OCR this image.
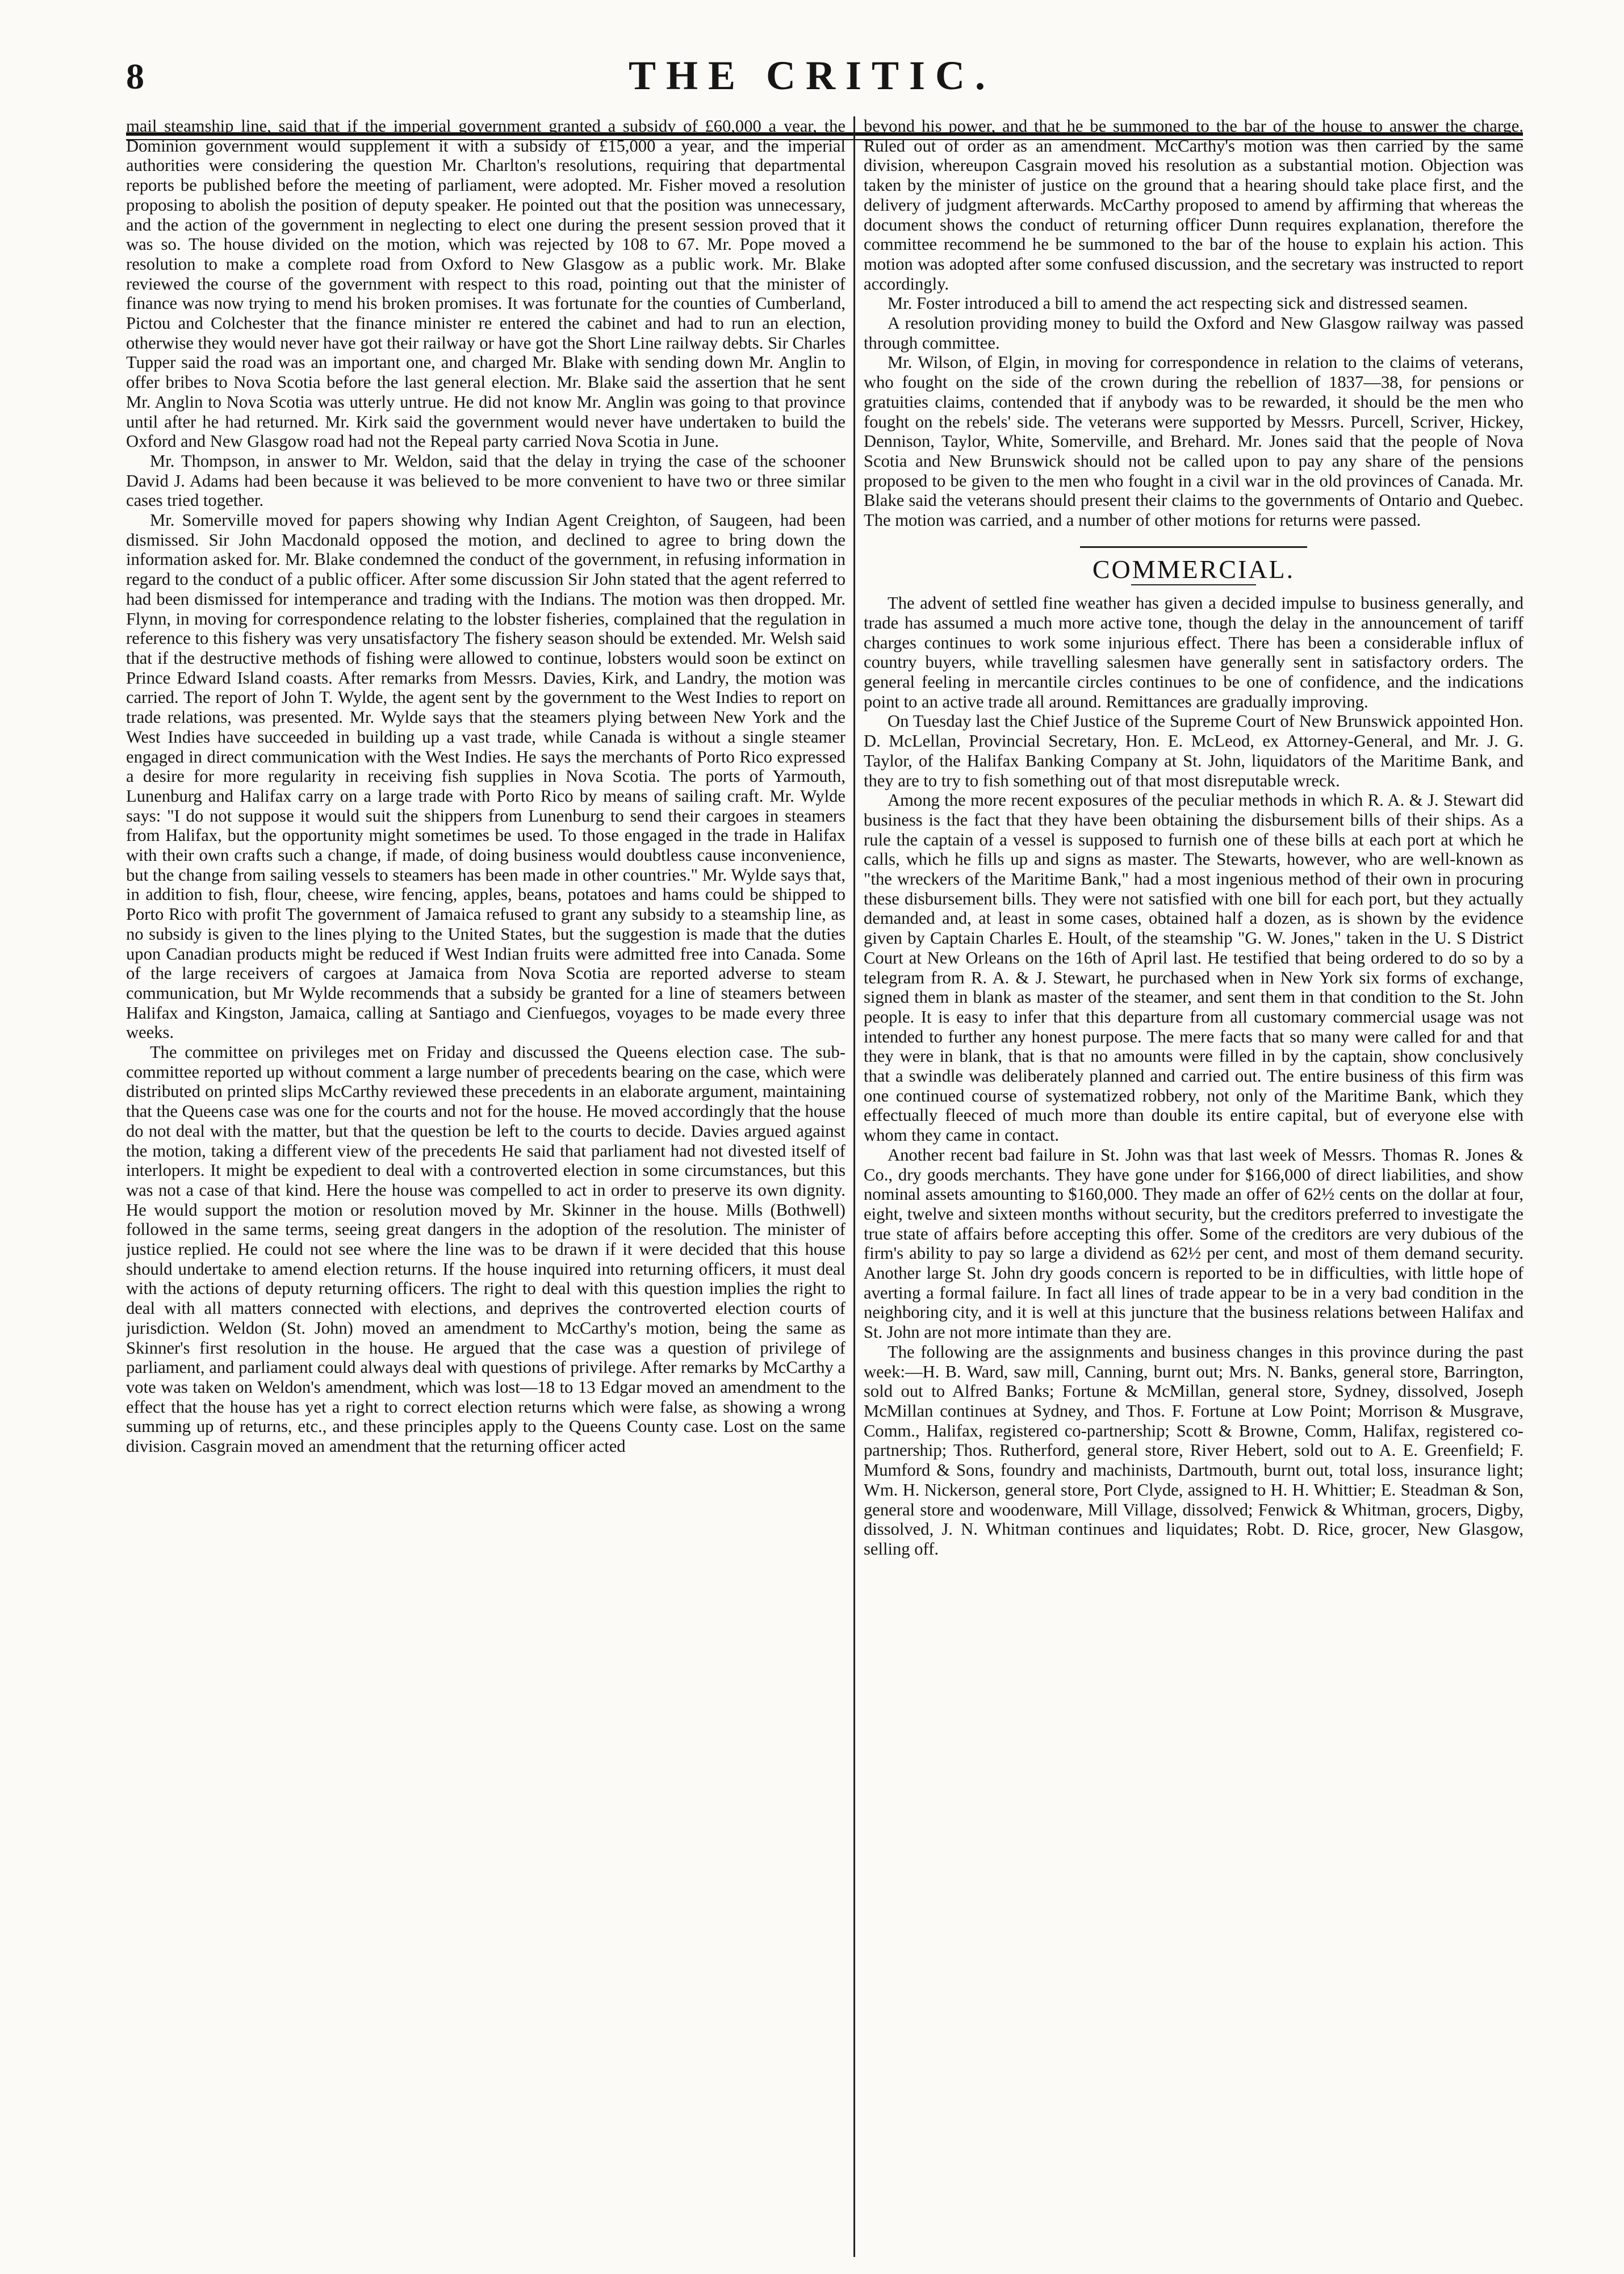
8	THE CRITIC.

mail steamship line, said that if the imperial government granted a subsidy of £60,000 a year, the Dominion government would supplement it with a subsidy of £15,000 a year, and the imperial authorities were considering the question Mr. Charlton's resolutions, requiring that departmental reports be published before the meeting of parliament, were adopted. Mr. Fisher moved a resolution proposing to abolish the position of deputy speaker. He pointed out that the position was unnecessary, and the action of the government in neglecting to elect one during the present session proved that it was so. The house divided on the motion, which was rejected by 108 to 67. Mr. Pope moved a resolution to make a complete road from Oxford to New Glasgow as a public work. Mr. Blake reviewed the course of the government with respect to this road, pointing out that the minister of finance was now trying to mend his broken promises. It was fortunate for the counties of Cumberland, Pictou and Colchester that the finance minister re entered the cabinet and had to run an election, otherwise they would never have got their railway or have got the Short Line railway debts. Sir Charles Tupper said the road was an important one, and charged Mr. Blake with sending down Mr. Anglin to offer bribes to Nova Scotia before the last general election. Mr. Blake said the assertion that he sent Mr. Anglin to Nova Scotia was utterly untrue. He did not know Mr. Anglin was going to that province until after he had returned. Mr. Kirk said the government would never have undertaken to build the Oxford and New Glasgow road had not the Repeal party carried Nova Scotia in June.

Mr. Thompson, in answer to Mr. Weldon, said that the delay in trying the case of the schooner David J. Adams had been because it was believed to be more convenient to have two or three similar cases tried together.

Mr. Somerville moved for papers showing why Indian Agent Creighton, of Saugeen, had been dismissed. Sir John Macdonald opposed the motion, and declined to agree to bring down the information asked for. Mr. Blake condemned the conduct of the government, in refusing information in regard to the conduct of a public officer. After some discussion Sir John stated that the agent referred to had been dismissed for intemperance and trading with the Indians. The motion was then dropped. Mr. Flynn, in moving for correspondence relating to the lobster fisheries, complained that the regulation in reference to this fishery was very unsatisfactory The fishery season should be extended. Mr. Welsh said that if the destructive methods of fishing were allowed to continue, lobsters would soon be extinct on Prince Edward Island coasts. After remarks from Messrs. Davies, Kirk, and Landry, the motion was carried. The report of John T. Wylde, the agent sent by the government to the West Indies to report on trade relations, was presented. Mr. Wylde says that the steamers plying between New York and the West Indies have succeeded in building up a vast trade, while Canada is without a single steamer engaged in direct communication with the West Indies. He says the merchants of Porto Rico expressed a desire for more regularity in receiving fish supplies in Nova Scotia. The ports of Yarmouth, Lunenburg and Halifax carry on a large trade with Porto Rico by means of sailing craft. Mr. Wylde says: "I do not suppose it would suit the shippers from Lunenburg to send their cargoes in steamers from Halifax, but the opportunity might sometimes be used. To those engaged in the trade in Halifax with their own crafts such a change, if made, of doing business would doubtless cause inconvenience, but the change from sailing vessels to steamers has been made in other countries." Mr. Wylde says that, in addition to fish, flour, cheese, wire fencing, apples, beans, potatoes and hams could be shipped to Porto Rico with profit The government of Jamaica refused to grant any subsidy to a steamship line, as no subsidy is given to the lines plying to the United States, but the suggestion is made that the duties upon Canadian products might be reduced if West Indian fruits were admitted free into Canada. Some of the large receivers of cargoes at Jamaica from Nova Scotia are reported adverse to steam communication, but Mr Wylde recommends that a subsidy be granted for a line of steamers between Halifax and Kingston, Jamaica, calling at Santiago and Cienfuegos, voyages to be made every three weeks.

The committee on privileges met on Friday and discussed the Queens election case. The sub-committee reported up without comment a large number of precedents bearing on the case, which were distributed on printed slips McCarthy reviewed these precedents in an elaborate argument, maintaining that the Queens case was one for the courts and not for the house. He moved accordingly that the house do not deal with the matter, but that the question be left to the courts to decide. Davies argued against the motion, taking a different view of the precedents He said that parliament had not divested itself of interlopers. It might be expedient to deal with a controverted election in some circumstances, but this was not a case of that kind. Here the house was compelled to act in order to preserve its own dignity. He would support the motion or resolution moved by Mr. Skinner in the house. Mills (Bothwell) followed in the same terms, seeing great dangers in the adoption of the resolution. The minister of justice replied. He could not see where the line was to be drawn if it were decided that this house should undertake to amend election returns. If the house inquired into returning officers, it must deal with the actions of deputy returning officers. The right to deal with this question implies the right to deal with all matters connected with elections, and deprives the controverted election courts of jurisdiction. Weldon (St. John) moved an amendment to McCarthy's motion, being the same as Skinner's first resolution in the house. He argued that the case was a question of privilege of parliament, and parliament could always deal with questions of privilege. After remarks by McCarthy a vote was taken on Weldon's amendment, which was lost—18 to 13 Edgar moved an amendment to the effect that the house has yet a right to correct election returns which were false, as showing a wrong summing up of returns, etc., and these principles apply to the Queens County case. Lost on the same division. Casgrain moved an amendment that the returning officer acted

beyond his power, and that he be summoned to the bar of the house to answer the charge. Ruled out of order as an amendment. McCarthy's motion was then carried by the same division, whereupon Casgrain moved his resolution as a substantial motion. Objection was taken by the minister of justice on the ground that a hearing should take place first, and the delivery of judgment afterwards. McCarthy proposed to amend by affirming that whereas the document shows the conduct of returning officer Dunn requires explanation, therefore the committee recommend he be summoned to the bar of the house to explain his action. This motion was adopted after some confused discussion, and the secretary was instructed to report accordingly.

Mr. Foster introduced a bill to amend the act respecting sick and distressed seamen.

A resolution providing money to build the Oxford and New Glasgow railway was passed through committee.

Mr. Wilson, of Elgin, in moving for correspondence in relation to the claims of veterans, who fought on the side of the crown during the rebellion of 1837—38, for pensions or gratuities claims, contended that if anybody was to be rewarded, it should be the men who fought on the rebels' side. The veterans were supported by Messrs. Purcell, Scriver, Hickey, Dennison, Taylor, White, Somerville, and Brehard. Mr. Jones said that the people of Nova Scotia and New Brunswick should not be called upon to pay any share of the pensions proposed to be given to the men who fought in a civil war in the old provinces of Canada. Mr. Blake said the veterans should present their claims to the governments of Ontario and Quebec. The motion was carried, and a number of other motions for returns were passed.

COMMERCIAL.

The advent of settled fine weather has given a decided impulse to business generally, and trade has assumed a much more active tone, though the delay in the announcement of tariff charges continues to work some injurious effect. There has been a considerable influx of country buyers, while travelling salesmen have generally sent in satisfactory orders. The general feeling in mercantile circles continues to be one of confidence, and the indications point to an active trade all around. Remittances are gradually improving.

On Tuesday last the Chief Justice of the Supreme Court of New Brunswick appointed Hon. D. McLellan, Provincial Secretary, Hon. E. McLeod, ex Attorney-General, and Mr. J. G. Taylor, of the Halifax Banking Company at St. John, liquidators of the Maritime Bank, and they are to try to fish something out of that most disreputable wreck.

Among the more recent exposures of the peculiar methods in which R. A. & J. Stewart did business is the fact that they have been obtaining the disbursement bills of their ships. As a rule the captain of a vessel is supposed to furnish one of these bills at each port at which he calls, which he fills up and signs as master. The Stewarts, however, who are well-known as "the wreckers of the Maritime Bank," had a most ingenious method of their own in procuring these disbursement bills. They were not satisfied with one bill for each port, but they actually demanded and, at least in some cases, obtained half a dozen, as is shown by the evidence given by Captain Charles E. Hoult, of the steamship "G. W. Jones," taken in the U. S District Court at New Orleans on the 16th of April last. He testified that being ordered to do so by a telegram from R. A. & J. Stewart, he purchased when in New York six forms of exchange, signed them in blank as master of the steamer, and sent them in that condition to the St. John people. It is easy to infer that this departure from all customary commercial usage was not intended to further any honest purpose. The mere facts that so many were called for and that they were in blank, that is that no amounts were filled in by the captain, show conclusively that a swindle was deliberately planned and carried out. The entire business of this firm was one continued course of systematized robbery, not only of the Maritime Bank, which they effectually fleeced of much more than double its entire capital, but of everyone else with whom they came in contact.

Another recent bad failure in St. John was that last week of Messrs. Thomas R. Jones & Co., dry goods merchants. They have gone under for $166,000 of direct liabilities, and show nominal assets amounting to $160,000. They made an offer of 62½ cents on the dollar at four, eight, twelve and sixteen months without security, but the creditors preferred to investigate the true state of affairs before accepting this offer. Some of the creditors are very dubious of the firm's ability to pay so large a dividend as 62½ per cent, and most of them demand security. Another large St. John dry goods concern is reported to be in difficulties, with little hope of averting a formal failure. In fact all lines of trade appear to be in a very bad condition in the neighboring city, and it is well at this juncture that the business relations between Halifax and St. John are not more intimate than they are.

The following are the assignments and business changes in this province during the past week:—H. B. Ward, saw mill, Canning, burnt out; Mrs. N. Banks, general store, Barrington, sold out to Alfred Banks; Fortune & McMillan, general store, Sydney, dissolved, Joseph McMillan continues at Sydney, and Thos. F. Fortune at Low Point; Morrison & Musgrave, Comm., Halifax, registered co-partnership; Scott & Browne, Comm, Halifax, registered co-partnership; Thos. Rutherford, general store, River Hebert, sold out to A. E. Greenfield; F. Mumford & Sons, foundry and machinists, Dartmouth, burnt out, total loss, insurance light; Wm. H. Nickerson, general store, Port Clyde, assigned to H. H. Whittier; E. Steadman & Son, general store and woodenware, Mill Village, dissolved; Fenwick & Whitman, grocers, Digby, dissolved, J. N. Whitman continues and liquidates; Robt. D. Rice, grocer, New Glasgow, selling off.
